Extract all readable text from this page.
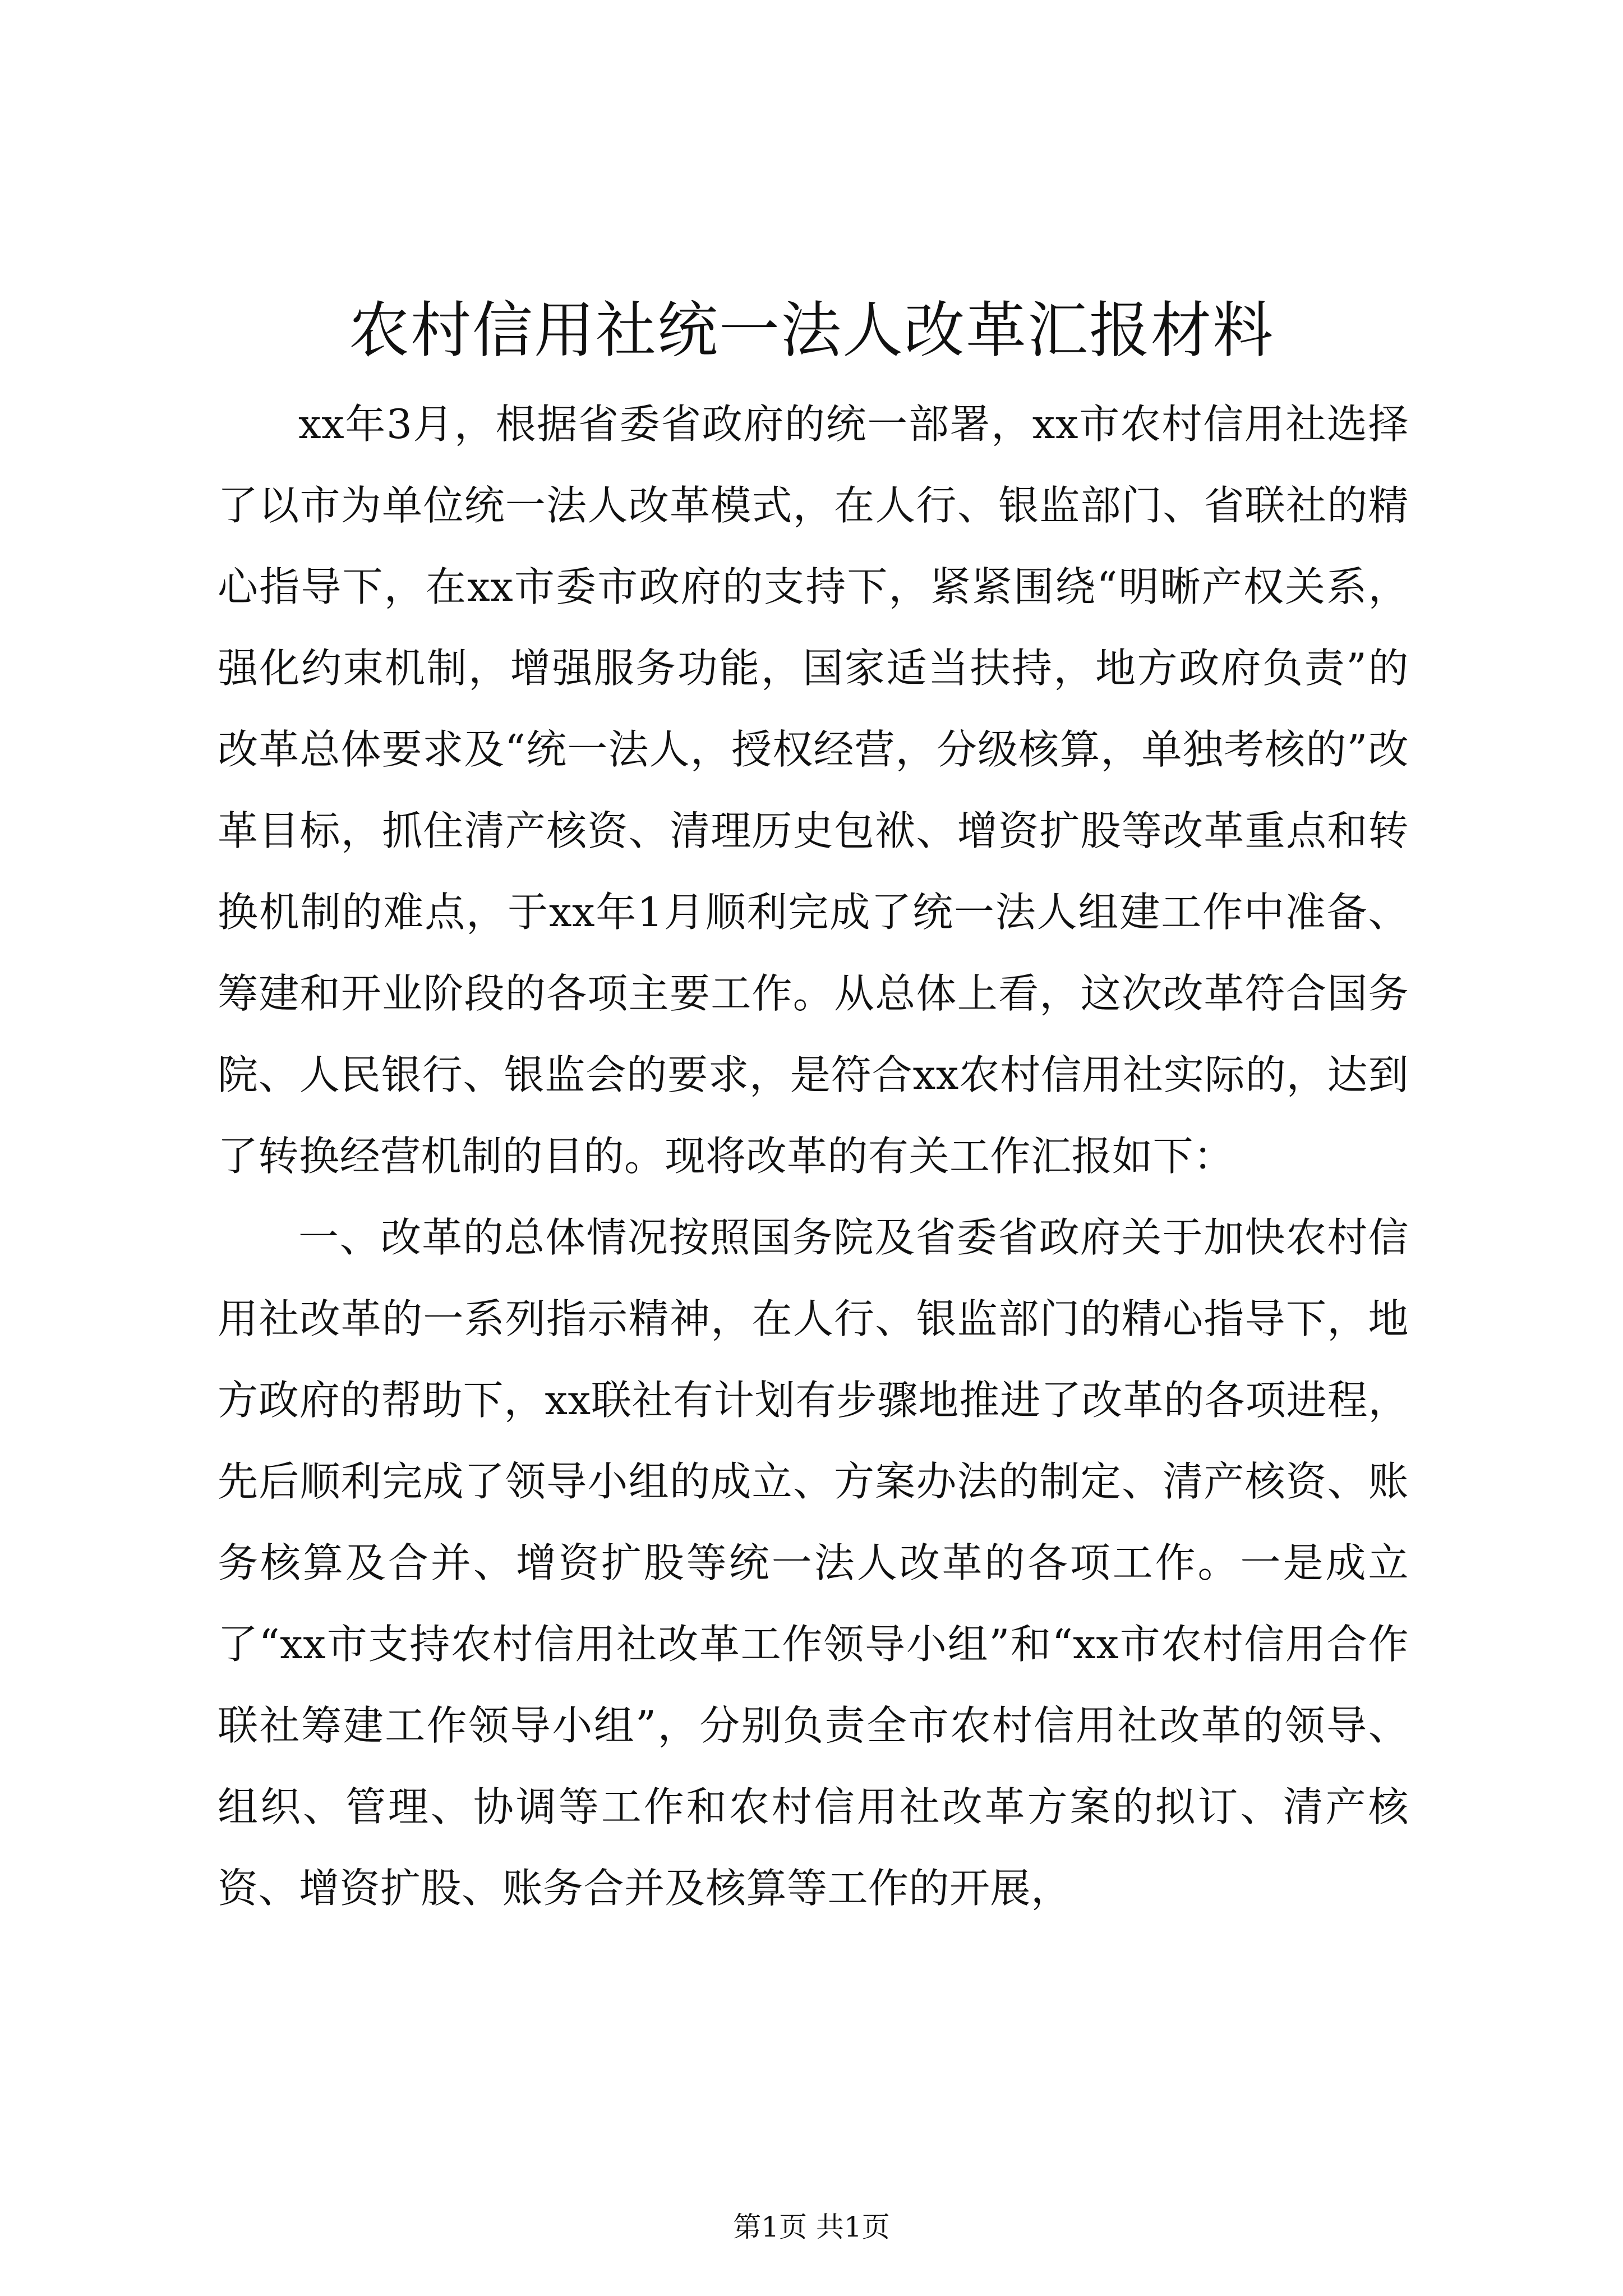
农村信用社统一法人改革汇报材料

xx年3月，根据省委省政府的统一部署，xx市农村信用社选择了以市为单位统一法人改革模式，在人行、银监部门、省联社的精心指导下，在xx市委市政府的支持下，紧紧围绕“明晰产权关系，强化约束机制，增强服务功能，国家适当扶持，地方政府负责”的改革总体要求及“统一法人，授权经营，分级核算，单独考核的”改革目标，抓住清产核资、清理历史包袱、增资扩股等改革重点和转换机制的难点，于xx年1月顺利完成了统一法人组建工作中准备、筹建和开业阶段的各项主要工作。从总体上看，这次改革符合国务院、人民银行、银监会的要求，是符合xx农村信用社实际的，达到了转换经营机制的目的。现将改革的有关工作汇报如下：

一、改革的总体情况按照国务院及省委省政府关于加快农村信用社改革的一系列指示精神，在人行、银监部门的精心指导下，地方政府的帮助下，xx联社有计划有步骤地推进了改革的各项进程，先后顺利完成了领导小组的成立、方案办法的制定、清产核资、账务核算及合并、增资扩股等统一法人改革的各项工作。一是成立了“xx市支持农村信用社改革工作领导小组”和“xx市农村信用合作联社筹建工作领导小组”，分别负责全市农村信用社改革的领导、组织、管理、协调等工作和农村信用社改革方案的拟订、清产核资、增资扩股、账务合并及核算等工作的开展，

第1页 共1页
